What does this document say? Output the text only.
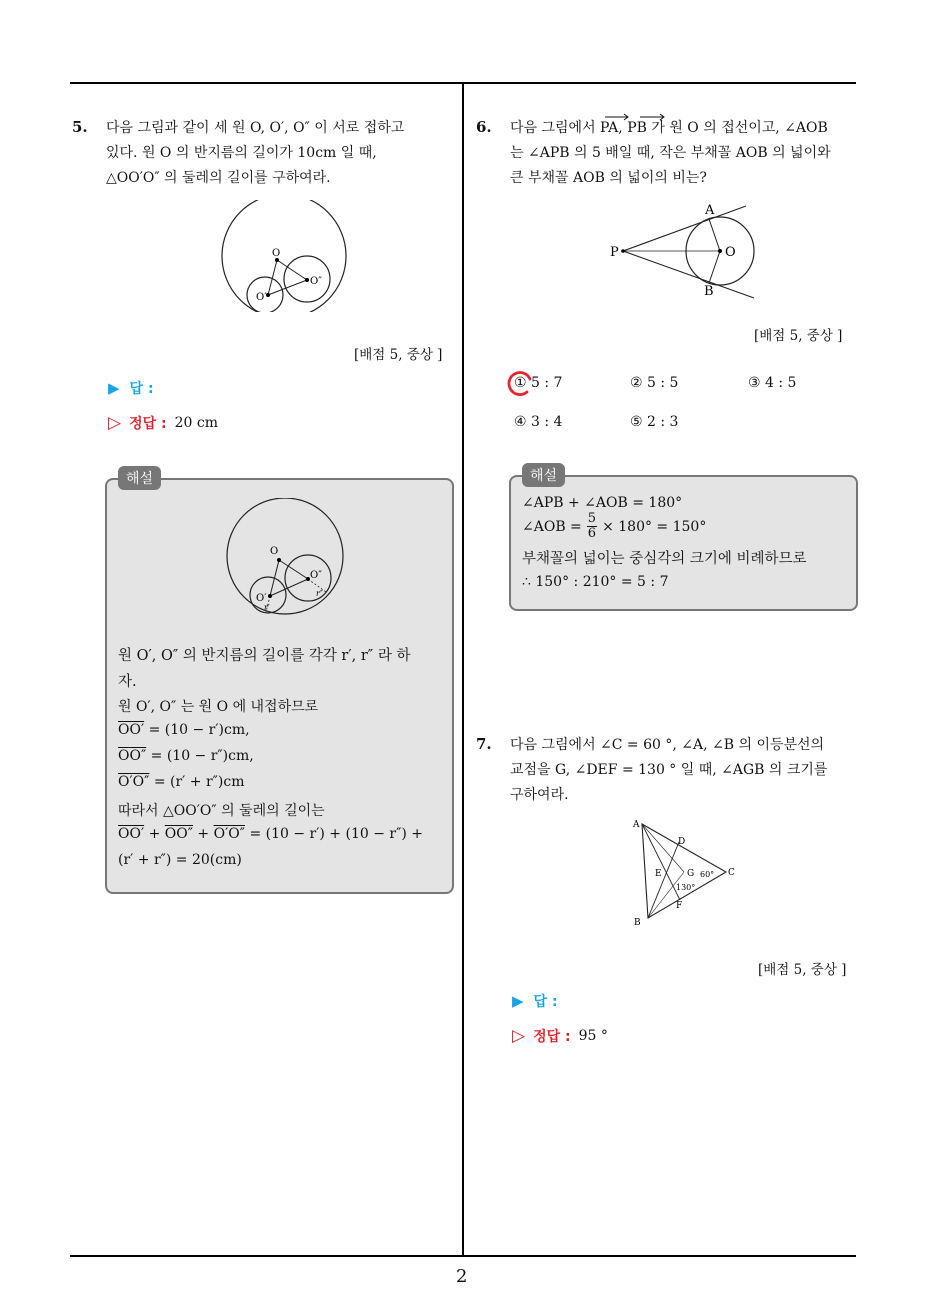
2
5. 다음 그림과 같이 세 원 O, O′, O″ 이 서로 접하고
있다. 원 O 의 반지름의 길이가 10cm 일 때,
△OO′O″ 의 둘레의 길이를 구하여라.
O
O′
O″
[배점 5, 중상 ]
▶ 답 :
▷ 정답 : 20 cm
해설
O
O′
O″
r′
r″
원 O′, O″ 의 반지름의 길이를 각각 r′, r″ 라 하
자.
원 O′, O″ 는 원 O 에 내접하므로
OO′ = (10 − r′)cm,
OO″ = (10 − r″)cm,
O′O″ = (r′ + r″)cm
따라서 △OO′O″ 의 둘레의 길이는
OO′ + OO″ + O′O″ = (10 − r′) + (10 − r″) +
(r′ + r″) = 20(cm)
6. 다음 그림에서 PA, PB 가 원 O 의 접선이고, ∠AOB
는 ∠APB 의 5 배일 때, 작은 부채꼴 AOB 의 넓이와
큰 부채꼴 AOB 의 넓이의 비는?
A
B
P	O
[배점 5, 중상 ]
① 5 : 7	② 5 : 5	③ 4 : 5
④ 3 : 4	⑤ 2 : 3
해설
∠APB + ∠AOB = 180°
∠AOB = $\frac{5}{6} \times 180^\circ = 150^\circ$
부채꼴의 넓이는 중심각의 크기에 비례하므로
∴ 150° : 210° = 5 : 7
7. 다음 그림에서 ∠C = 60 °, ∠A, ∠B 의 이등분선의
교점을 G, ∠DEF = 130 ° 일 때, ∠AGB 의 크기를
구하여라.
A
B
C
D
E
F
G 60°
130°
[배점 5, 중상 ]
▶ 답 :
▷ 정답 : 95 °
